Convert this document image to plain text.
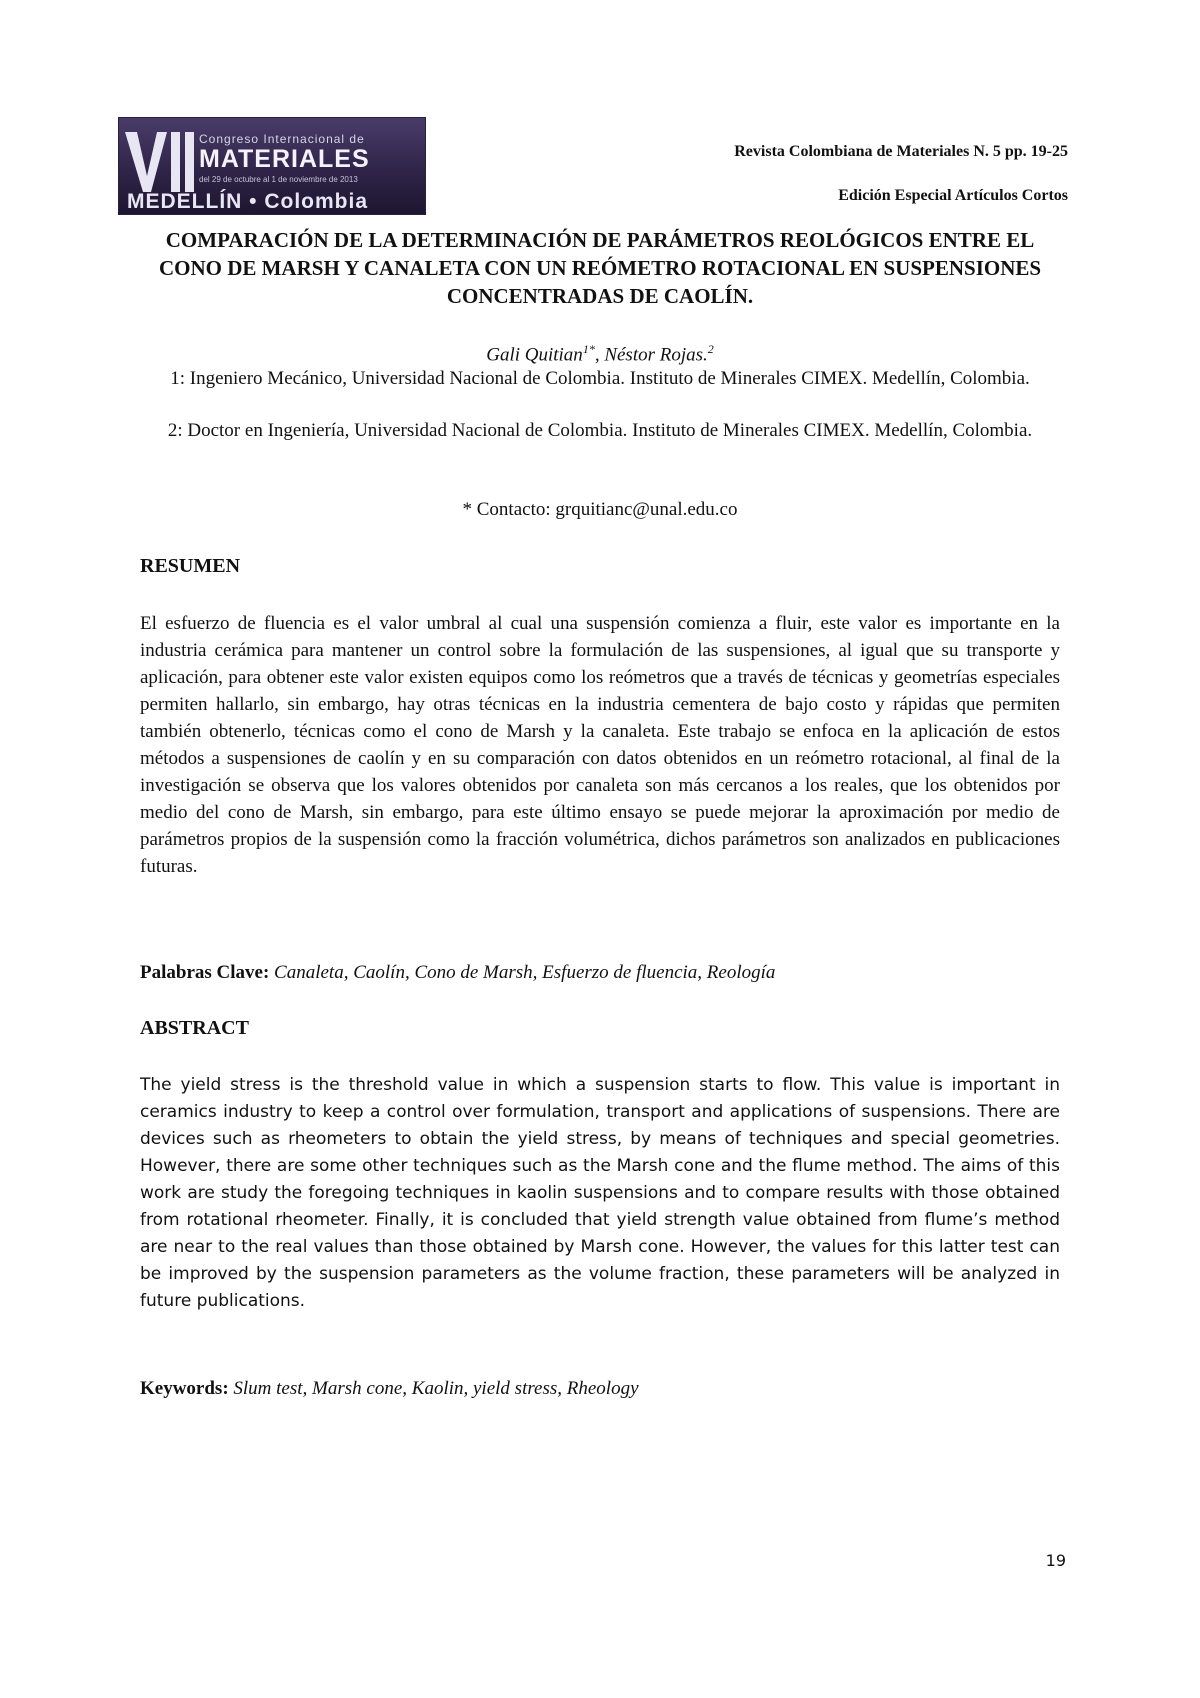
Congreso Internacional de
MATERIALES
del 29 de octubre al 1 de noviembre de 2013
MEDELLÍN • Colombia
Revista Colombiana de Materiales N. 5 pp. 19-25
Edición Especial Artículos Cortos
COMPARACIÓN DE LA DETERMINACIÓN DE PARÁMETROS REOLÓGICOS ENTRE EL CONO DE MARSH Y CANALETA CON UN REÓMETRO ROTACIONAL EN SUSPENSIONES CONCENTRADAS DE CAOLÍN.
Gali Quitian$^{1*}$, Néstor Rojas.$^2$
1: Ingeniero Mecánico, Universidad Nacional de Colombia. Instituto de Minerales CIMEX. Medellín, Colombia.
2: Doctor en Ingeniería, Universidad Nacional de Colombia. Instituto de Minerales CIMEX. Medellín, Colombia.
* Contacto: grquitianc@unal.edu.co
RESUMEN
El esfuerzo de fluencia es el valor umbral al cual una suspensión comienza a fluir, este valor es importante en la industria cerámica para mantener un control sobre la formulación de las suspensiones, al igual que su transporte y aplicación, para obtener este valor existen equipos como los reómetros que a través de técnicas y geometrías especiales permiten hallarlo, sin embargo, hay otras técnicas en la industria cementera de bajo costo y rápidas que permiten también obtenerlo, técnicas como el cono de Marsh y la canaleta. Este trabajo se enfoca en la aplicación de estos métodos a suspensiones de caolín y en su comparación con datos obtenidos en un reómetro rotacional, al final de la investigación se observa que los valores obtenidos por canaleta son más cercanos a los reales, que los obtenidos por medio del cono de Marsh, sin embargo, para este último ensayo se puede mejorar la aproximación por medio de parámetros propios de la suspensión como la fracción volumétrica, dichos parámetros son analizados en publicaciones futuras.
Palabras Clave: Canaleta, Caolín, Cono de Marsh, Esfuerzo de fluencia, Reología
ABSTRACT
The yield stress is the threshold value in which a suspension starts to flow. This value is important in ceramics industry to keep a control over formulation, transport and applications of suspensions. There are devices such as rheometers to obtain the yield stress, by means of techniques and special geometries. However, there are some other techniques such as the Marsh cone and the flume method. The aims of this work are study the foregoing techniques in kaolin suspensions and to compare results with those obtained from rotational rheometer. Finally, it is concluded that yield strength value obtained from flume’s method are near to the real values than those obtained by Marsh cone. However, the values for this latter test can be improved by the suspension parameters as the volume fraction, these parameters will be analyzed in future publications.
Keywords: Slum test, Marsh cone, Kaolin, yield stress, Rheology
19
